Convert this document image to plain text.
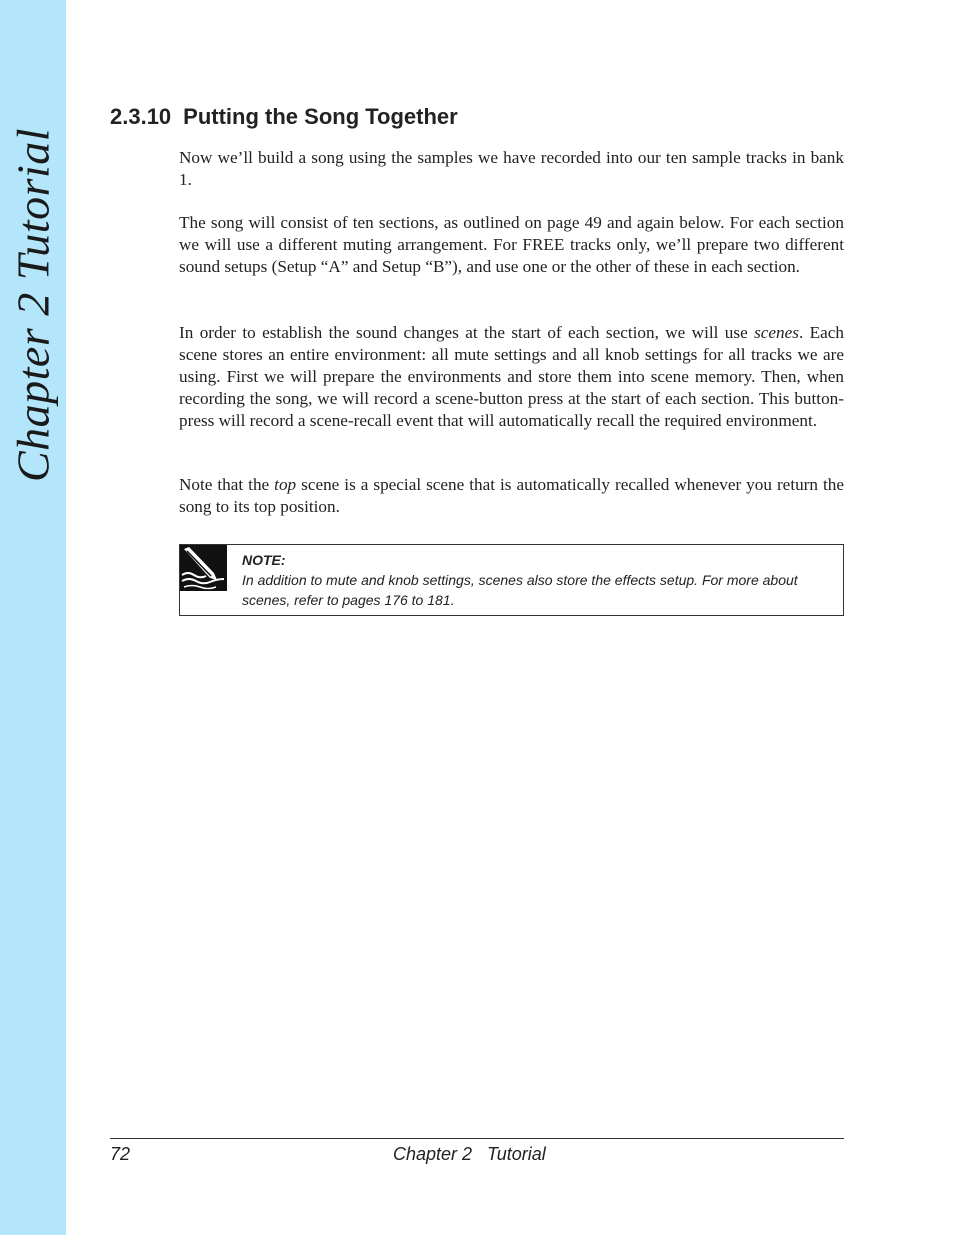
Chapter 2 Tutorial
2.3.10 Putting the Song Together

Now we’ll build a song using the samples we have recorded into our ten sample tracks in bank 1.

The song will consist of ten sections, as outlined on page 49 and again below. For each section we will use a different muting arrangement. For FREE tracks only, we’ll prepare two different sound setups (Setup “A” and Setup “B”), and use one or the other of these in each section.

In order to establish the sound changes at the start of each section, we will use scenes. Each scene stores an entire environment: all mute settings and all knob settings for all tracks we are using. First we will prepare the environments and store them into scene memory. Then, when recording the song, we will record a scene-button press at the start of each section. This button-press will record a scene-recall event that will automatically recall the required environment.

Note that the top scene is a special scene that is automatically recalled whenever you return the song to its top position.

NOTE:
In addition to mute and knob settings, scenes also store the effects setup. For more about scenes, refer to pages 176 to 181.
72	Chapter 2   Tutorial
